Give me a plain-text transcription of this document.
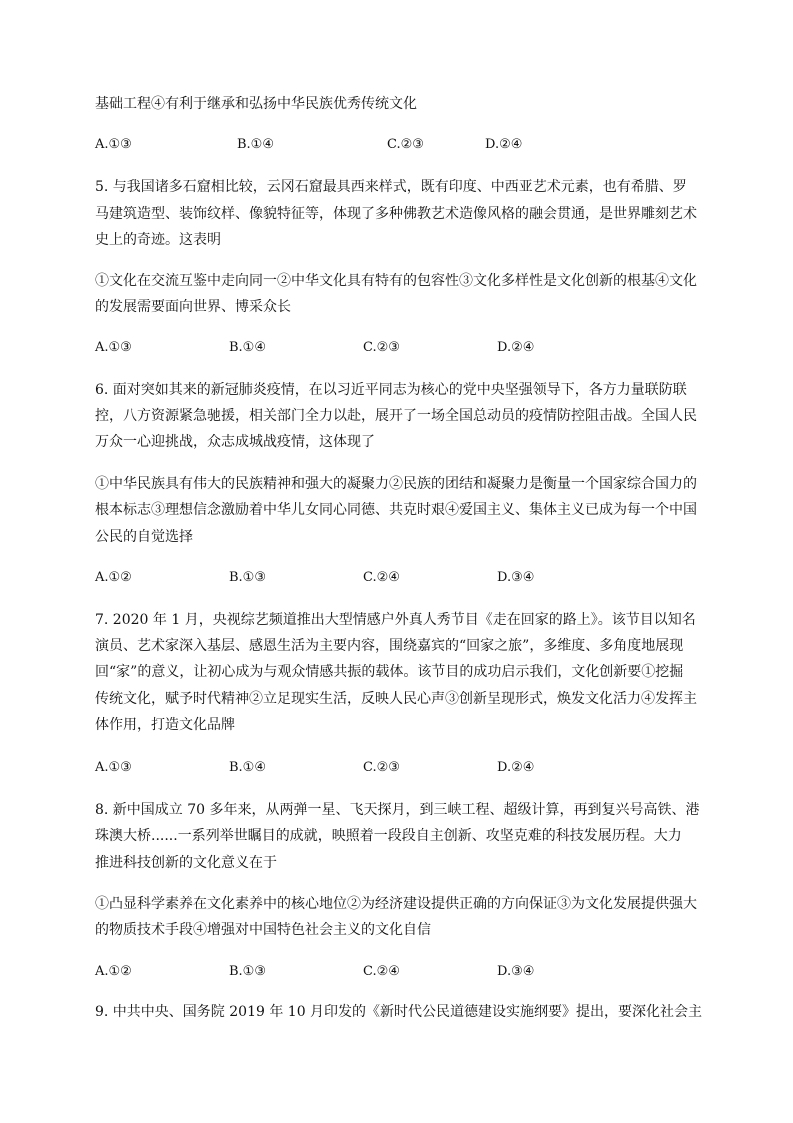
基础工程④有利于继承和弘扬中华民族优秀传统文化
A.①③	B.①④	C.②③	D.②④
5. 与我国诸多石窟相比较，云冈石窟最具西来样式，既有印度、中西亚艺术元素，也有希腊、罗
马建筑造型、装饰纹样、像貌特征等，体现了多种佛教艺术造像风格的融会贯通，是世界雕刻艺术
史上的奇迹。这表明
①文化在交流互鉴中走向同一②中华文化具有特有的包容性③文化多样性是文化创新的根基④文化
的发展需要面向世界、博采众长
A.①③	B.①④	C.②③	D.②④
6. 面对突如其来的新冠肺炎疫情，在以习近平同志为核心的党中央坚强领导下，各方力量联防联
控，八方资源紧急驰援，相关部门全力以赴，展开了一场全国总动员的疫情防控阻击战。全国人民
万众一心迎挑战，众志成城战疫情，这体现了
①中华民族具有伟大的民族精神和强大的凝聚力②民族的团结和凝聚力是衡量一个国家综合国力的
根本标志③理想信念激励着中华儿女同心同德、共克时艰④爱国主义、集体主义已成为每一个中国
公民的自觉选择
A.①②	B.①③	C.②④	D.③④
7. 2020 年 1 月，央视综艺频道推出大型情感户外真人秀节目《走在回家的路上》。该节目以知名
演员、艺术家深入基层、感恩生活为主要内容，围绕嘉宾的“回家之旅”，多维度、多角度地展现
回“家”的意义，让初心成为与观众情感共振的载体。该节目的成功启示我们，文化创新要①挖掘
传统文化，赋予时代精神②立足现实生活，反映人民心声③创新呈现形式，焕发文化活力④发挥主
体作用，打造文化品牌
A.①③	B.①④	C.②③	D.②④
8. 新中国成立 70 多年来，从两弹一星、飞天探月，到三峡工程、超级计算，再到复兴号高铁、港
珠澳大桥......一系列举世瞩目的成就，映照着一段段自主创新、攻坚克难的科技发展历程。大力
推进科技创新的文化意义在于
①凸显科学素养在文化素养中的核心地位②为经济建设提供正确的方向保证③为文化发展提供强大
的物质技术手段④增强对中国特色社会主义的文化自信
A.①②	B.①③	C.②④	D.③④
9. 中共中央、国务院 2019 年 10 月印发的《新时代公民道德建设实施纲要》提出，要深化社会主
